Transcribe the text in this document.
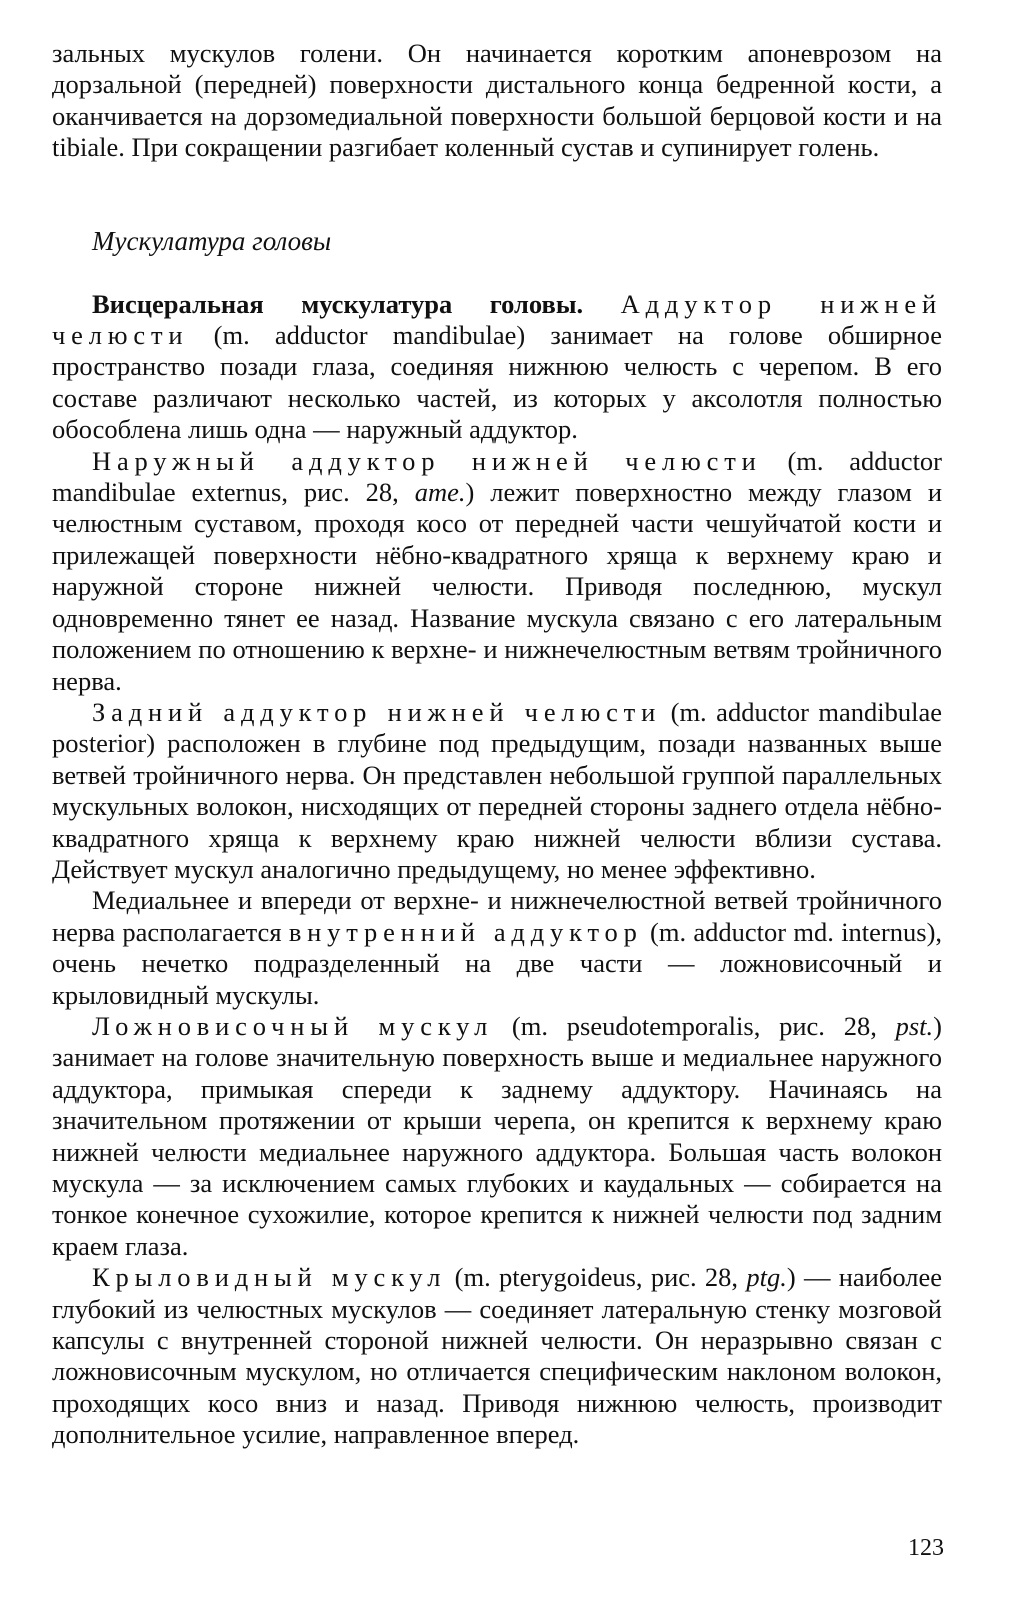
зальных мускулов голени. Он начинается коротким апоневрозом на дорзальной (передней) поверхности дистального конца бедренной кости, а оканчивается на дорзомедиальной поверхности большой берцовой кости и на tibiale. При сокращении разгибает коленный сустав и супинирует голень.

Мускулатура головы

Висцеральная мускулатура головы. Аддуктор нижней челюсти (m. adductor mandibulae) занимает на голове обширное пространство позади глаза, соединяя нижнюю челюсть с черепом. В его составе различают несколько частей, из которых у аксолотля полностью обособлена лишь одна — наружный аддуктор.

Наружный аддуктор нижней челюсти (m. adductor mandibulae externus, рис. 28, ame.) лежит поверхностно между глазом и челюстным суставом, проходя косо от передней части чешуйчатой кости и прилежащей поверхности нёбно-квадратного хряща к верхнему краю и наружной стороне нижней челюсти. Приводя последнюю, мускул одновременно тянет ее назад. Название мускула связано с его латеральным положением по отношению к верхне- и нижнечелюстным ветвям тройничного нерва.

Задний аддуктор нижней челюсти (m. adductor mandibulae posterior) расположен в глубине под предыдущим, позади названных выше ветвей тройничного нерва. Он представлен небольшой группой параллельных мускульных волокон, нисходящих от передней стороны заднего отдела нёбно-квадратного хряща к верхнему краю нижней челюсти вблизи сустава. Действует мускул аналогично предыдущему, но менее эффективно.

Медиальнее и впереди от верхне- и нижнечелюстной ветвей тройничного нерва располагается внутренний аддуктор (m. adductor md. internus), очень нечетко подразделенный на две части — ложновисочный и крыловидный мускулы.

Ложновисочный мускул (m. pseudotemporalis, рис. 28, pst.) занимает на голове значительную поверхность выше и медиальнее наружного аддуктора, примыкая спереди к заднему аддуктору. Начинаясь на значительном протяжении от крыши черепа, он крепится к верхнему краю нижней челюсти медиальнее наружного аддуктора. Большая часть волокон мускула — за исключением самых глубоких и каудальных — собирается на тонкое конечное сухожилие, которое крепится к нижней челюсти под задним краем глаза.

Крыловидный мускул (m. pterygoideus, рис. 28, ptg.) — наиболее глубокий из челюстных мускулов — соединяет латеральную стенку мозговой капсулы с внутренней стороной нижней челюсти. Он неразрывно связан с ложновисочным мускулом, но отличается специфическим наклоном волокон, проходящих косо вниз и назад. Приводя нижнюю челюсть, производит дополнительное усилие, направленное вперед.

123
